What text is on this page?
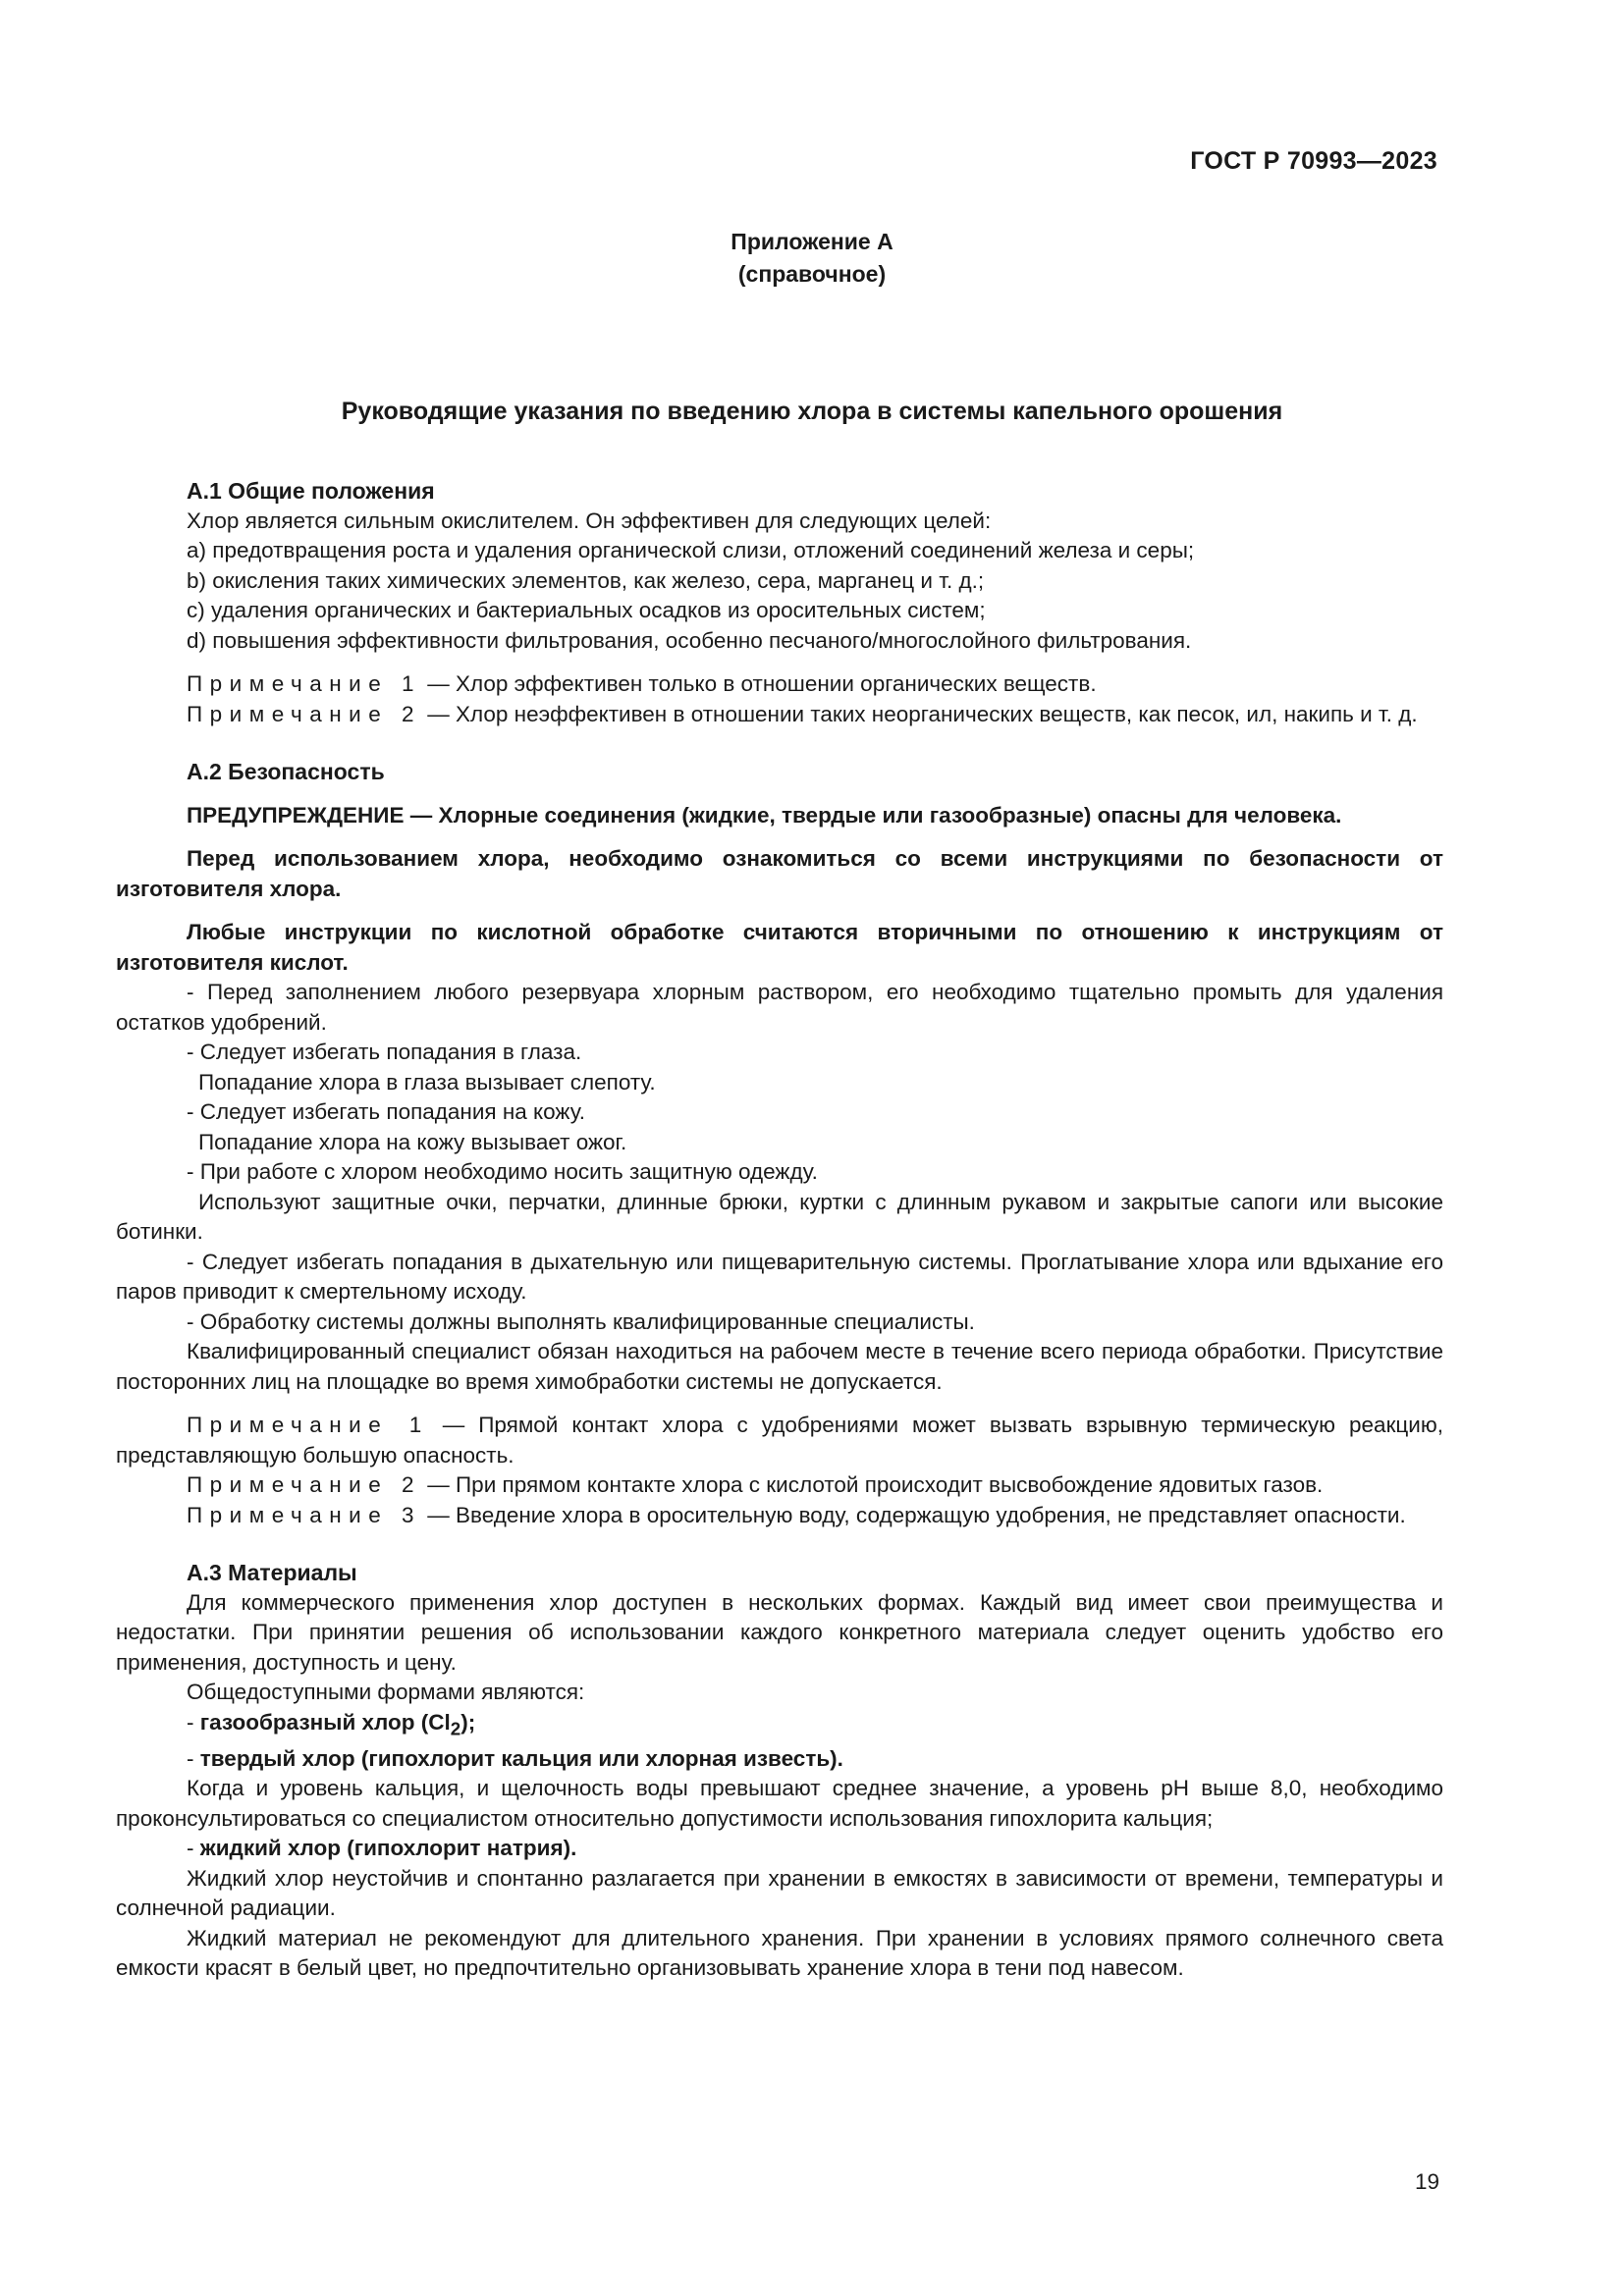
ГОСТ Р 70993—2023
Приложение А
(справочное)
Руководящие указания по введению хлора в системы капельного орошения

А.1 Общие положения

Хлор является сильным окислителем. Он эффективен для следующих целей:

a) предотвращения роста и удаления органической слизи, отложений соединений железа и серы;

b) окисления таких химических элементов, как железо, сера, марганец и т. д.;

c) удаления органических и бактериальных осадков из оросительных систем;

d) повышения эффективности фильтрования, особенно песчаного/многослойного фильтрования.

Примечание 1 — Хлор эффективен только в отношении органических веществ.

Примечание 2 — Хлор неэффективен в отношении таких неорганических веществ, как песок, ил, накипь и т. д.

А.2 Безопасность

ПРЕДУПРЕЖДЕНИЕ — Хлорные соединения (жидкие, твердые или газообразные) опасны для человека.

Перед использованием хлора, необходимо ознакомиться со всеми инструкциями по безопасности от изготовителя хлора.

Любые инструкции по кислотной обработке считаются вторичными по отношению к инструкциям от изготовителя кислот.

- Перед заполнением любого резервуара хлорным раствором, его необходимо тщательно промыть для удаления остатков удобрений.

- Следует избегать попадания в глаза.

Попадание хлора в глаза вызывает слепоту.

- Следует избегать попадания на кожу.

Попадание хлора на кожу вызывает ожог.

- При работе с хлором необходимо носить защитную одежду.

Используют защитные очки, перчатки, длинные брюки, куртки с длинным рукавом и закрытые сапоги или высокие ботинки.

- Следует избегать попадания в дыхательную или пищеварительную системы. Проглатывание хлора или вдыхание его паров приводит к смертельному исходу.

- Обработку системы должны выполнять квалифицированные специалисты.

Квалифицированный специалист обязан находиться на рабочем месте в течение всего периода обработки. Присутствие посторонних лиц на площадке во время химобработки системы не допускается.

Примечание 1 — Прямой контакт хлора с удобрениями может вызвать взрывную термическую реакцию, представляющую большую опасность.

Примечание 2 — При прямом контакте хлора с кислотой происходит высвобождение ядовитых газов.

Примечание 3 — Введение хлора в оросительную воду, содержащую удобрения, не представляет опасности.

А.3 Материалы

Для коммерческого применения хлор доступен в нескольких формах. Каждый вид имеет свои преимущества и недостатки. При принятии решения об использовании каждого конкретного материала следует оценить удобство его применения, доступность и цену.

Общедоступными формами являются:

- газообразный хлор $(Cl_2)$;

- твердый хлор (гипохлорит кальция или хлорная известь).

Когда и уровень кальция, и щелочность воды превышают среднее значение, а уровень pH выше 8,0, необходимо проконсультироваться со специалистом относительно допустимости использования гипохлорита кальция;

- жидкий хлор (гипохлорит натрия).

Жидкий хлор неустойчив и спонтанно разлагается при хранении в емкостях в зависимости от времени, температуры и солнечной радиации.

Жидкий материал не рекомендуют для длительного хранения. При хранении в условиях прямого солнечного света емкости красят в белый цвет, но предпочтительно организовывать хранение хлора в тени под навесом.

19
